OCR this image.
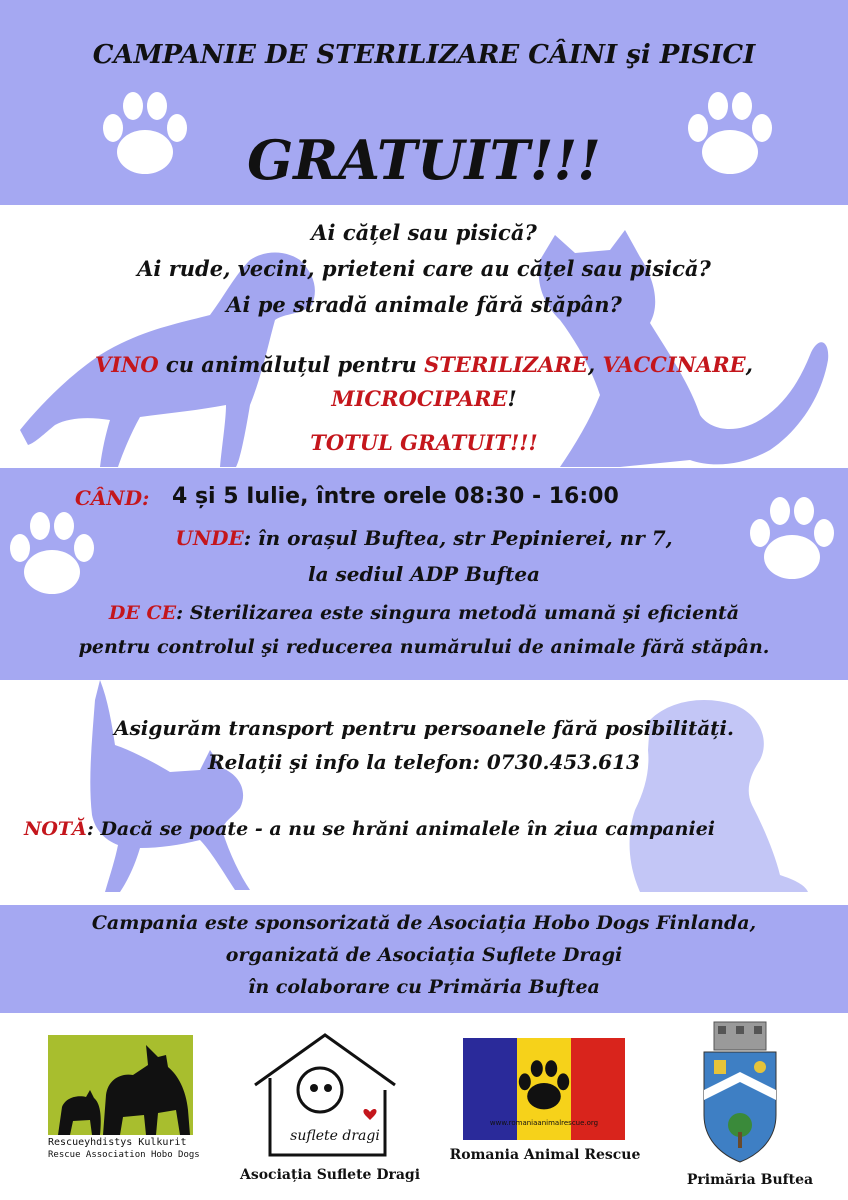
CAMPANIE DE STERILIZARE CÂINI şi PISICI
GRATUIT!!!
Ai cățel sau pisică?
Ai rude, vecini, prieteni care au cățel sau pisică?
Ai pe stradă animale fără stăpân?
VINO cu animăluțul pentru STERILIZARE, VACCINARE,
MICROCIPARE!
TOTUL GRATUIT!!!
CÂND: 4 și 5 Iulie, între orele 08:30 - 16:00
UNDE: în orașul Buftea, str Pepinierei, nr 7,
la sediul ADP Buftea
DE CE: Sterilizarea este singura metodă umană şi eficientă
pentru controlul şi reducerea numărului de animale fără stăpân.
Asigurăm transport pentru persoanele fără posibilități.
Relații şi info la telefon: 0730.453.613
NOTĂ: Dacă se poate - a nu se hrăni animalele în ziua campaniei
Campania este sponsorizată de Asociația Hobo Dogs Finlanda,
organizată de Asociația Suflete Dragi
în colaborare cu Primăria Buftea
Rescueyhdistys Kulkurit
Rescue Association Hobo Dogs
suflete dragi
Asociația Suflete Dragi
www.romaniaanimalrescue.org
Romania Animal Rescue
Primăria Buftea
